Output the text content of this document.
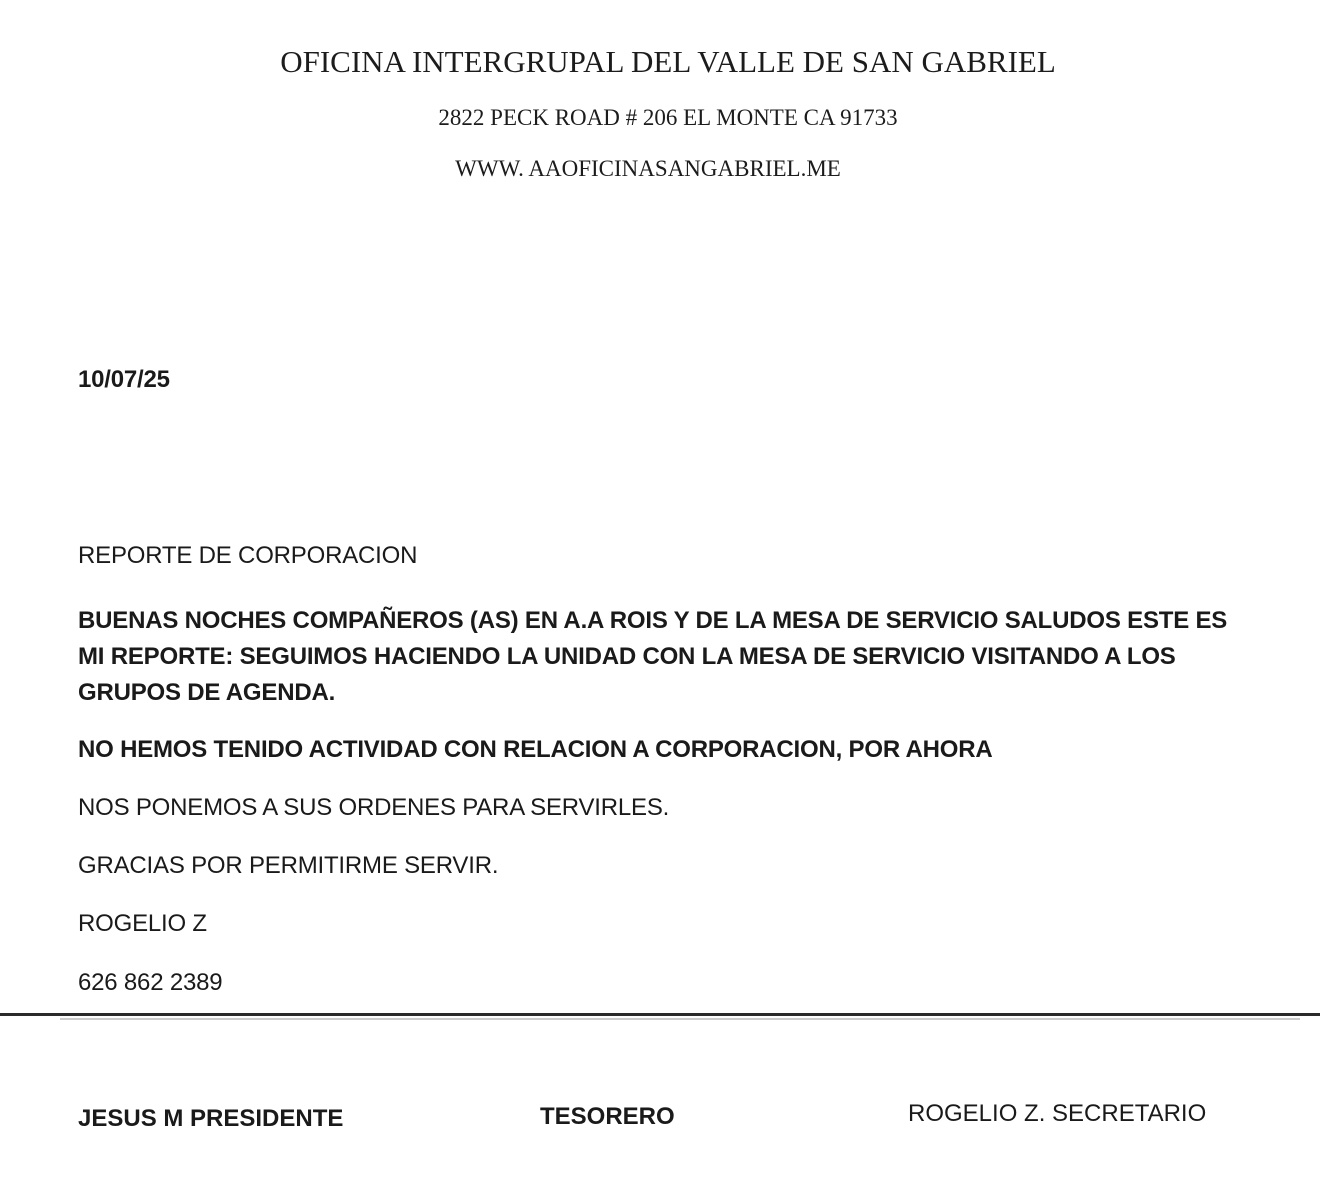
OFICINA INTERGRUPAL DEL VALLE DE SAN GABRIEL
2822 PECK ROAD # 206 EL MONTE CA 91733
WWW. AAOFICINASANGABRIEL.ME
10/07/25
REPORTE DE CORPORACION
BUENAS NOCHES COMPAÑEROS (AS) EN A.A ROIS Y DE LA MESA DE SERVICIO SALUDOS ESTE ES MI REPORTE: SEGUIMOS HACIENDO LA UNIDAD CON LA MESA DE SERVICIO VISITANDO A LOS GRUPOS DE AGENDA.
NO HEMOS TENIDO ACTIVIDAD CON RELACION A CORPORACION, POR AHORA
NOS PONEMOS A SUS ORDENES PARA SERVIRLES.
GRACIAS POR PERMITIRME SERVIR.
ROGELIO Z
626 862 2389
JESUS M PRESIDENTE	TESORERO	ROGELIO Z. SECRETARIO
